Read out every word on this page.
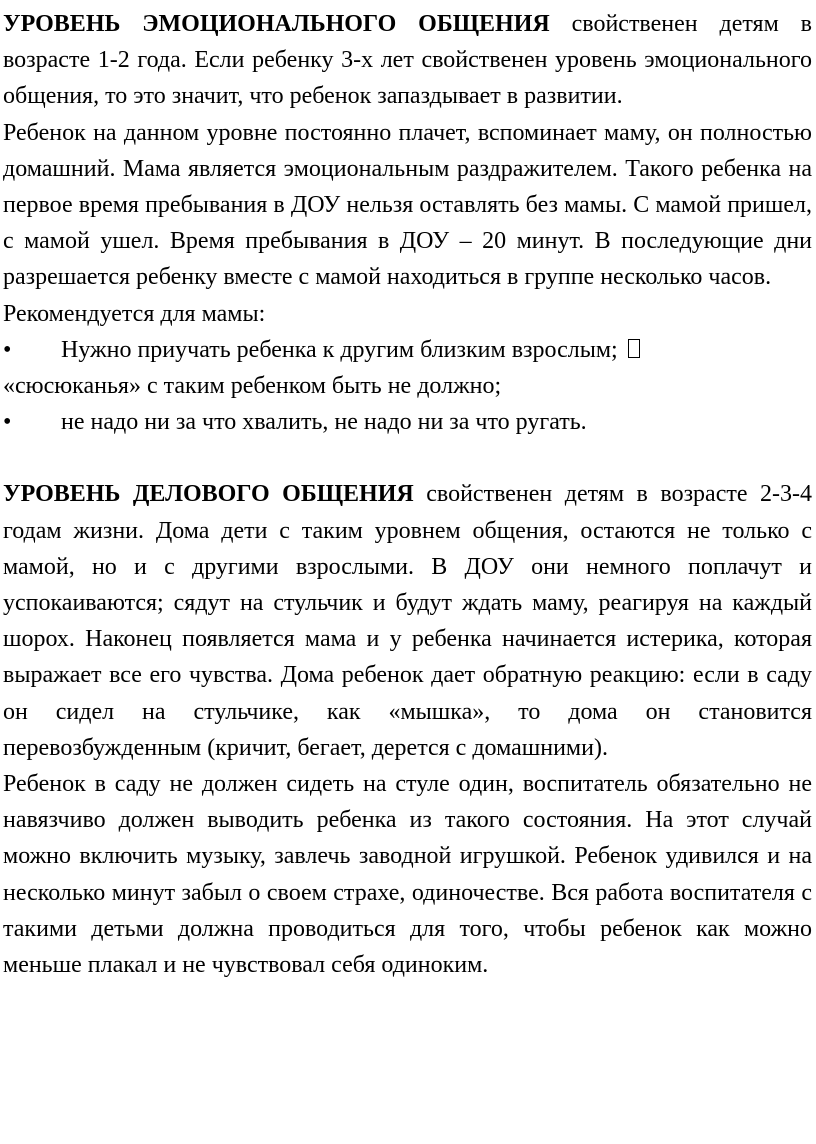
УРОВЕНЬ ЭМОЦИОНАЛЬНОГО ОБЩЕНИЯ свойственен детям в возрасте 1-2 года. Если ребенку 3-х лет свойственен уровень эмоционального общения, то это значит, что ребенок запаздывает в развитии.

Ребенок на данном уровне постоянно плачет, вспоминает маму, он полностью домашний. Мама является эмоциональным раздражителем. Такого ребенка на первое время пребывания в ДОУ нельзя оставлять без мамы. С мамой пришел, с мамой ушел. Время пребывания в ДОУ – 20 минут. В последующие дни разрешается ребенку вместе с мамой находиться в группе несколько часов.

Рекомендуется для мамы:

•	Нужно приучать ребенка к другим близким взрослым;

«сюсюканья» с таким ребенком быть не должно;

•	не надо ни за что хвалить, не надо ни за что ругать.

УРОВЕНЬ ДЕЛОВОГО ОБЩЕНИЯ свойственен детям в возрасте 2-3-4 годам жизни. Дома дети с таким уровнем общения, остаются не только с мамой, но и с другими взрослыми. В ДОУ они немного поплачут и успокаиваются; сядут на стульчик и будут ждать маму, реагируя на каждый шорох. Наконец появляется мама и у ребенка начинается истерика, которая выражает все его чувства. Дома ребенок дает обратную реакцию: если в саду он сидел на стульчике, как «мышка», то дома он становится перевозбужденным (кричит, бегает, дерется с домашними).

Ребенок в саду не должен сидеть на стуле один, воспитатель обязательно не навязчиво должен выводить ребенка из такого состояния. На этот случай можно включить музыку, завлечь заводной игрушкой. Ребенок удивился и на несколько минут забыл о своем страхе, одиночестве. Вся работа воспитателя с такими детьми должна проводиться для того, чтобы ребенок как можно меньше плакал и не чувствовал себя одиноким.
